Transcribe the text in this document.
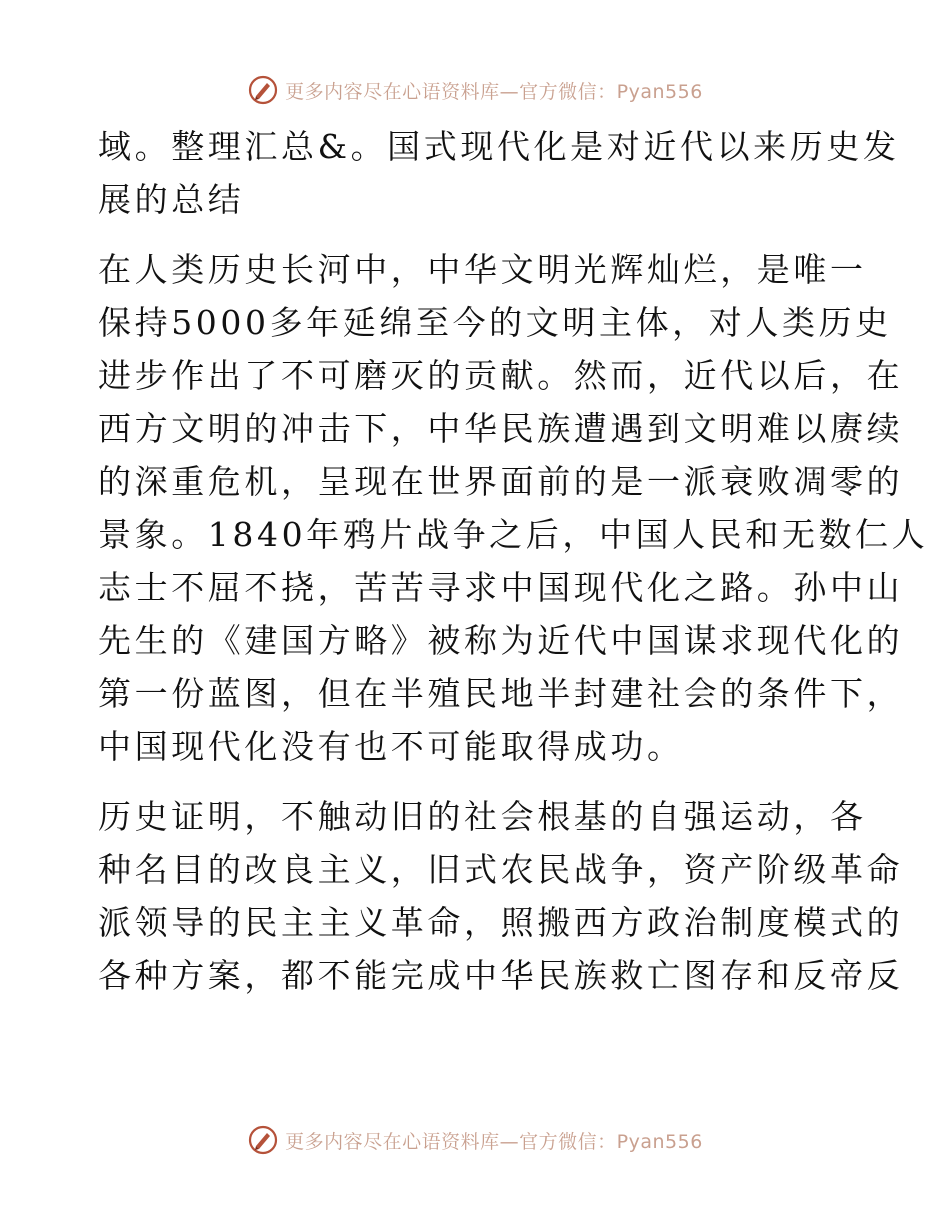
更多内容尽在心语资料库—官方微信：Pyan556

域。整理汇总&。国式现代化是对近代以来历史发
展的总结

在人类历史长河中，中华文明光辉灿烂，是唯一
保持5000多年延绵至今的文明主体，对人类历史
进步作出了不可磨灭的贡献。然而，近代以后，在
西方文明的冲击下，中华民族遭遇到文明难以赓续
的深重危机，呈现在世界面前的是一派衰败凋零的
景象。1840年鸦片战争之后，中国人民和无数仁人
志士不屈不挠，苦苦寻求中国现代化之路。孙中山
先生的《建国方略》被称为近代中国谋求现代化的
第一份蓝图，但在半殖民地半封建社会的条件下，
中国现代化没有也不可能取得成功。

历史证明，不触动旧的社会根基的自强运动，各
种名目的改良主义，旧式农民战争，资产阶级革命
派领导的民主主义革命，照搬西方政治制度模式的
各种方案，都不能完成中华民族救亡图存和反帝反

更多内容尽在心语资料库—官方微信：Pyan556
